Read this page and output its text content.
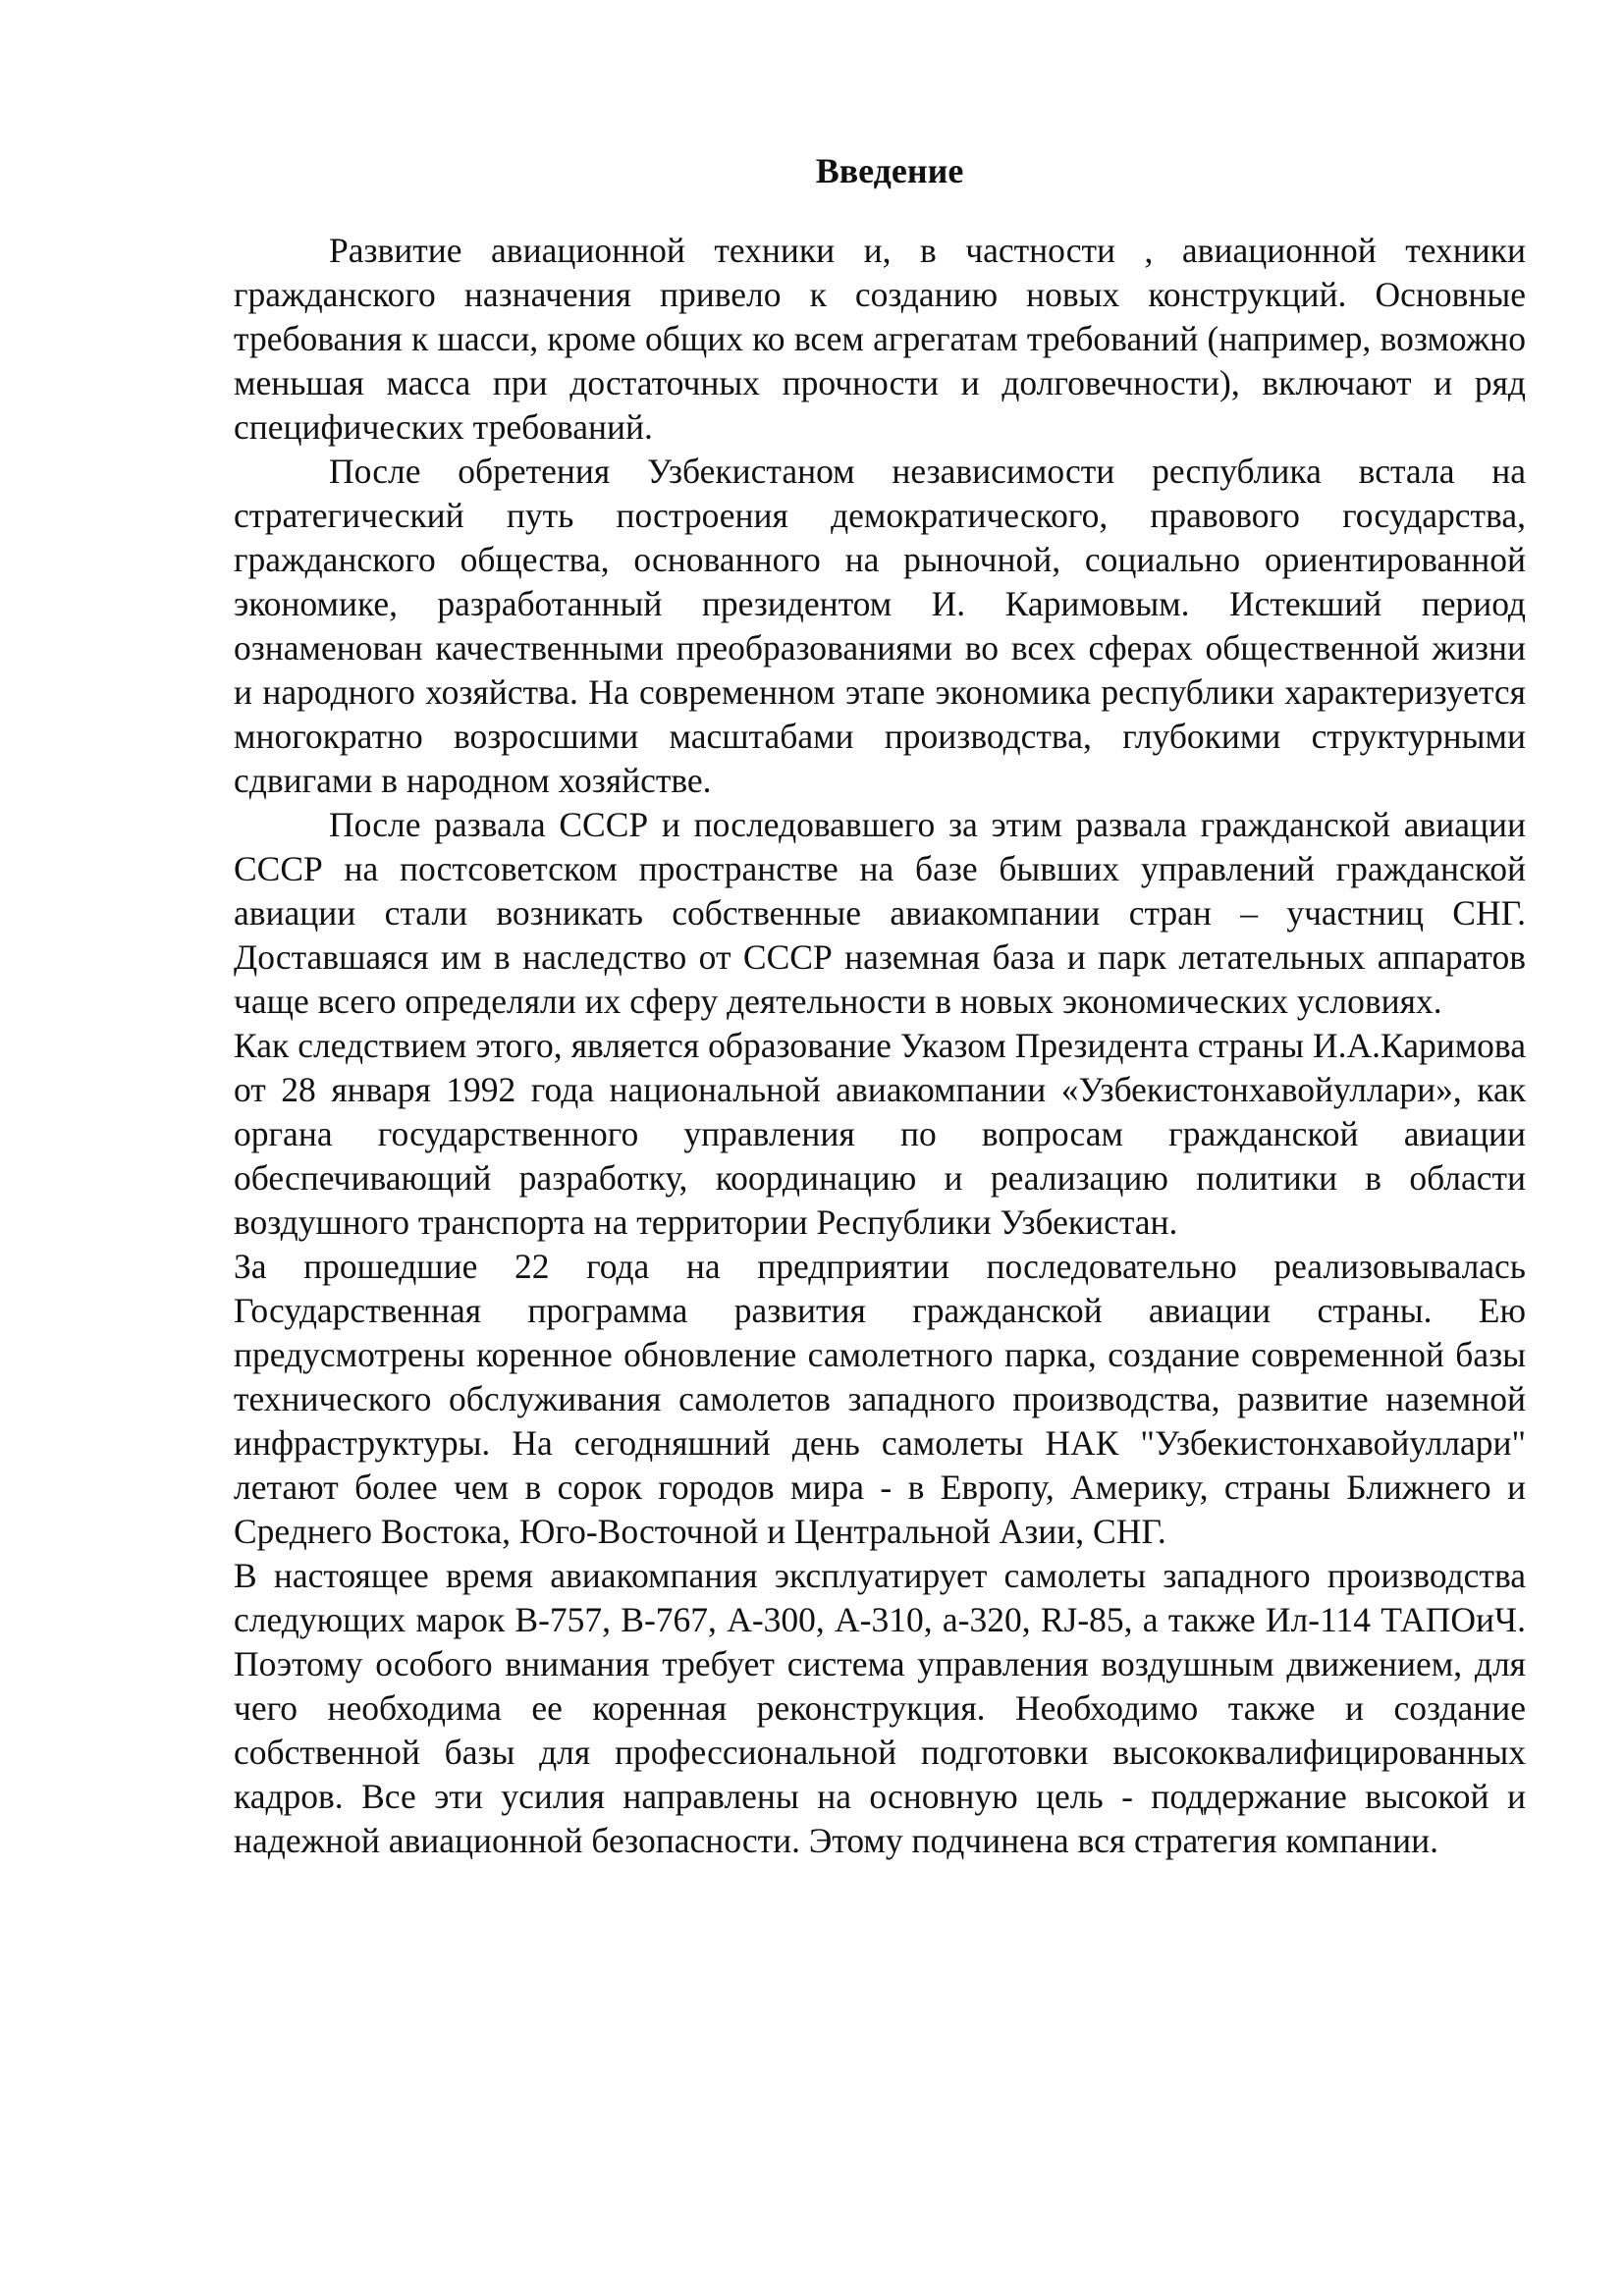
Введение

Развитие авиационной техники и, в частности , авиационной техники гражданского назначения привело к созданию новых конструкций. Основные требования к шасси, кроме общих ко всем агрегатам требований (например, возможно меньшая масса при достаточных прочности и долговечности), включают и ряд специфических требований.

После обретения Узбекистаном независимости республика встала на стратегический путь построения демократического, правового государства, гражданского общества, основанного на рыночной, социально ориентированной экономике, разработанный президентом И. Каримовым. Истекший период ознаменован качественными преобразованиями во всех сферах общественной жизни и народного хозяйства. На современном этапе экономика республики характеризуется многократно возросшими масштабами производства, глубокими структурными сдвигами в народном хозяйстве.

После развала СССР и последовавшего за этим развала гражданской авиации СССР на постсоветском пространстве на базе бывших управлений гражданской авиации стали возникать собственные авиакомпании стран – участниц СНГ. Доставшаяся им в наследство от СССР наземная база и парк летательных аппаратов чаще всего определяли их сферу деятельности в новых экономических условиях.

Как следствием этого, является образование Указом Президента страны И.А.Каримова от 28 января 1992 года национальной авиакомпании «Узбекистонхавойуллари», как органа государственного управления по вопросам гражданской авиации обеспечивающий разработку, координацию и реализацию политики в области воздушного транспорта на территории Республики Узбекистан.

За прошедшие 22 года на предприятии последовательно реализовывалась Государственная программа развития гражданской авиации страны. Ею предусмотрены коренное обновление самолетного парка, создание современной базы технического обслуживания самолетов западного производства, развитие наземной инфраструктуры. На сегодняшний день самолеты НАК "Узбекистонхавойуллари" летают более чем в сорок городов мира - в Европу, Америку, страны Ближнего и Среднего Востока, Юго-Восточной и Центральной Азии, СНГ.

В настоящее время авиакомпания эксплуатирует самолеты западного производства следующих марок В-757, В-767, А-300, А-310, а-320, RJ-85, а также Ил-114 ТАПОиЧ. Поэтому особого внимания требует система управления воздушным движением, для чего необходима ее коренная реконструкция. Необходимо также и создание собственной базы для профессиональной подготовки высококвалифицированных кадров. Все эти усилия направлены на основную цель - поддержание высокой и надежной авиационной безопасности. Этому подчинена вся стратегия компании.
